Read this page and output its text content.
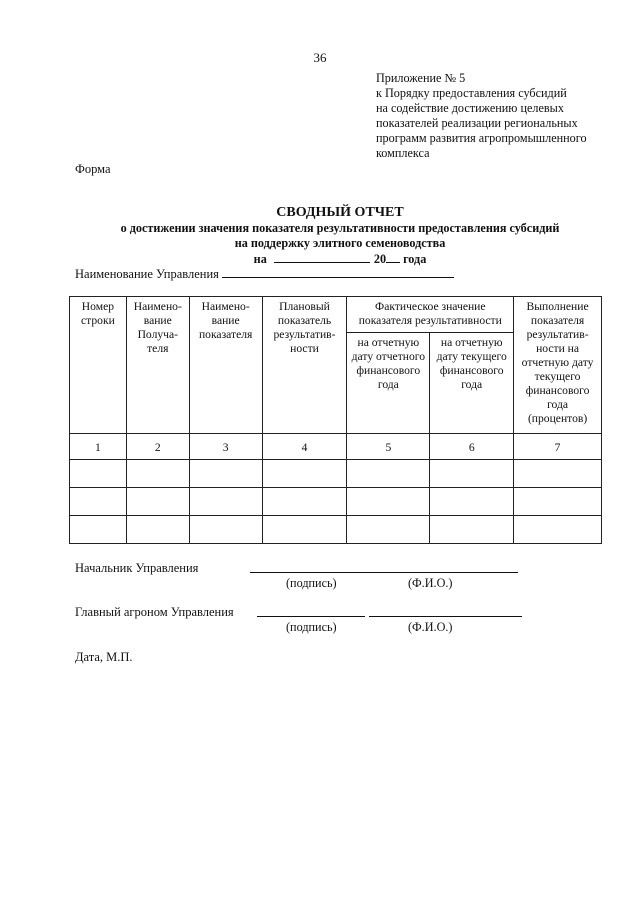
36
Приложение № 5
к Порядку предоставления субсидий
на содействие достижению целевых
показателей реализации региональных
программ развития агропромышленного
комплекса
Форма
СВОДНЫЙ ОТЧЕТ
о достижении значения показателя результативности предоставления субсидий
на поддержку элитного семеноводства
на	20 года
Наименование Управления
Номер строки	Наимено-вание Получа-теля	Наимено-вание показателя	Плановый показатель результатив-ности	Фактическое значение показателя результативности		Выполнение показателя результатив-ности на отчетную дату текущего финансового года (процентов)
				на отчетную дату отчетного финансового года	на отчетную дату текущего финансового года	
1	2	3	4	5	6	7

Начальник Управления
(подпись)	(Ф.И.О.)
Главный агроном Управления
(подпись)	(Ф.И.О.)
Дата, М.П.
